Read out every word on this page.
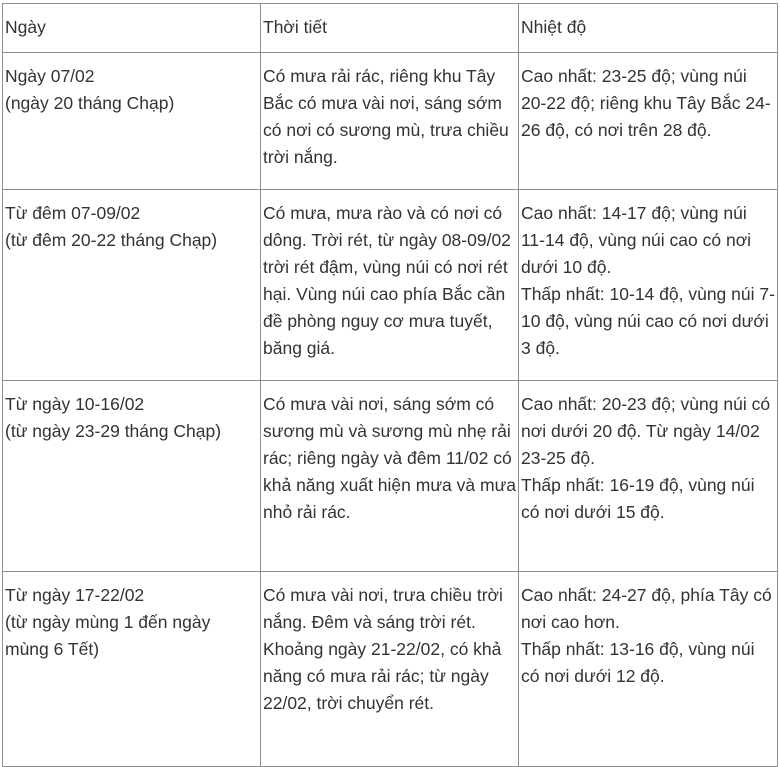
Ngày	Thời tiết	Nhiệt độ

Ngày 07/02
(ngày 20 tháng Chạp)	Có mưa rải rác, riêng khu Tây Bắc có mưa vài nơi, sáng sớm có nơi có sương mù, trưa chiều trời nắng.	Cao nhất: 23-25 độ; vùng núi 20-22 độ; riêng khu Tây Bắc 24-26 độ, có nơi trên 28 độ.

Từ đêm 07-09/02
(từ đêm 20-22 tháng Chạp)	Có mưa, mưa rào và có nơi có dông. Trời rét, từ ngày 08-09/02 trời rét đậm, vùng núi có nơi rét hại. Vùng núi cao phía Bắc cần đề phòng nguy cơ mưa tuyết, băng giá.	Cao nhất: 14-17 độ; vùng núi 11-14 độ, vùng núi cao có nơi dưới 10 độ.
Thấp nhất: 10-14 độ, vùng núi 7-10 độ, vùng núi cao có nơi dưới 3 độ.

Từ ngày 10-16/02
(từ ngày 23-29 tháng Chạp)	Có mưa vài nơi, sáng sớm có sương mù và sương mù nhẹ rải rác; riêng ngày và đêm 11/02 có khả năng xuất hiện mưa và mưa nhỏ rải rác.	Cao nhất: 20-23 độ; vùng núi có nơi dưới 20 độ. Từ ngày 14/02 23-25 độ.
Thấp nhất: 16-19 độ, vùng núi có nơi dưới 15 độ.

Từ ngày 17-22/02
(từ ngày mùng 1 đến ngày mùng 6 Tết)	Có mưa vài nơi, trưa chiều trời nắng. Đêm và sáng trời rét. Khoảng ngày 21-22/02, có khả năng có mưa rải rác; từ ngày 22/02, trời chuyển rét.	Cao nhất: 24-27 độ, phía Tây có nơi cao hơn.
Thấp nhất: 13-16 độ, vùng núi có nơi dưới 12 độ.
